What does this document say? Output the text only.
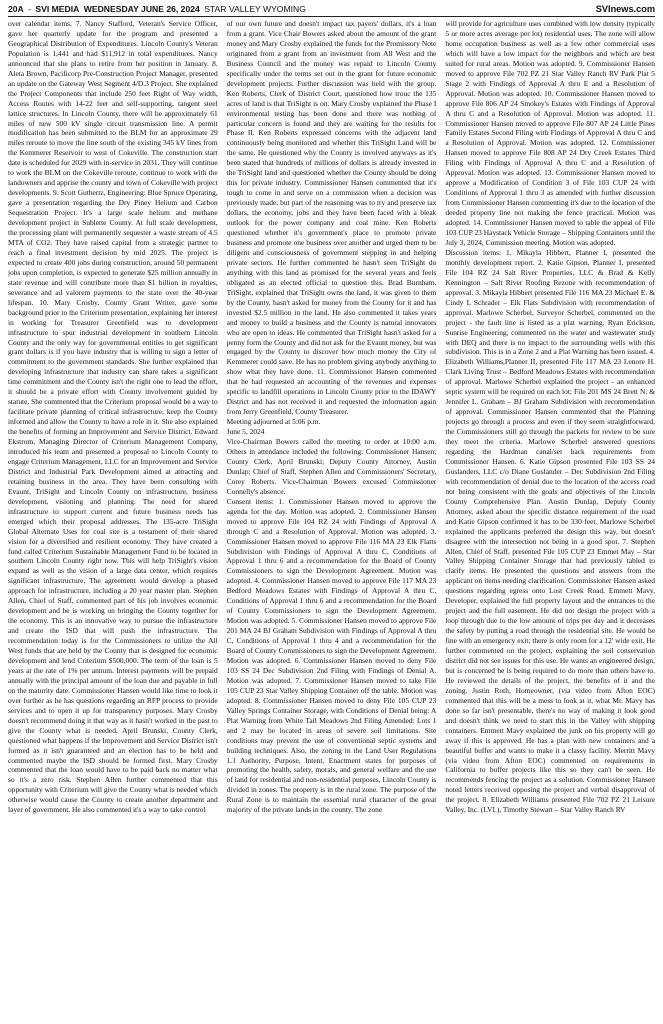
20A - SVI MEDIA WEDNESDAY JUNE 26, 2024 STAR VALLEY WYOMING	SVInews.com

over calendar items. 7. Nancy Stafford, Veteran's Service Officer, gave her quarterly update for the program and presented a Geographical Distribution of Expenditures. Lincoln County's Veteran Population is 1,441 and had $11,912 in total expenditures. Nancy announced that she plans to retire from her position in January. 8. Aleta Brown, Pacificorp Pre-Construction Project Manager, presented an update on the Gateway West Segment 4/D.3 Project. She explained the Project Components that include 250 feet Right of Way width, Access Routes with 14-22 feet and self-supporting, tangent steel lattice structures. In Lincoln County, there will be approximately 61 miles of new 500 kV single circuit transmission line. A permit modification has been submitted to the BLM for an approximate 29 miles reroute to move the line south of the existing 345 kV lines from the Kemmerer Reservoir to west of Cokeville. The construction start date is scheduled for 2029 with in-service in 2031. They will continue to work the BLM on the Cokeville reroute, continue to work with the landowners and apprise the county and town of Cokeville with project developments. 9. Scott Guthertz, Engineering: Blue Spruce Operating, gave a presentation regarding the Dry Piney Helium and Carbon Sequestration Project. It's a large scale helium and methane development project in Sublette County. At full scale development, the processing plant will permanently sequester a waste stream of 4.5 MTA of CO2. They have raised capital from a strategic partner to reach a final investment decision by mid 2025. The project is expected to create 400 jobs during construction, around 50 permanent jobs upon completion, is expected to generate $25 million annually in state revenue and will contribute more than $1 billion in royalties, severance and ad valorem payments to the state over the 40-year lifespan. 10. Mary Crosby, County Grant Writer, gave some background prior to the Criterium presentation, explaining her interest in working for Treasurer Greenfield was to development infrastructure to spur industrial development in southern Lincoln County and the only way for governmental entities to get significant grant dollars is if you have industry that is willing to sign a letter of commitment to the government standards. She further explained that developing infrastructure that industry can share takes a significant time commitment and the County isn't the right one to lead the effort, it should be a private effort with County involvement guided by statute. She commented that the Criterium proposal would be a way to facilitate private planning of critical infrastructure, keep the County informed and allow the County to have a role in it. She also explained the benefits of forming an Improvement and Service District. Edward Ekstrom, Managing Director of Criterium Management Company, introduced his team and presented a proposal to Lincoln County to engage Criterium Management, LLC for an Improvement and Service District and Industrial Park Development aimed at attracting and retaining business in the area. They have been consulting with Evaunt, TriSight and Lincoln County on infrastructure, business development, visioning and planning. The need for shared infrastructure to support current and future business needs has emerged which their proposal addresses. The 135-acre TriSight Global Alternate Uses for coal site is a testament of their shared vision for a diversified and resilient economy. They have created a fund called Criterium Sustainable Management Fund to be located in southern Lincoln County right now. This will help TriSight's vision expand as well as the vision of a large data center, which requires significant infrastructure. The agreement would develop a phased approach for infrastructure, including a 20 year master plan. Stephen Allen, Chief of Staff, commented part of his job involves economic development and he is working on bringing the County together for the economy. This is an innovative way to pursue the infrastructure and create the ISD that will push the infrastructure. The recommendation today is for the Commissioners to utilize the All West funds that are held by the County that is designed for economic development and lend Criterium $500,000. The term of the loan is 5 years at the rate of 1% per annum. Interest payments will be prepaid annually with the principal amount of the loan due and payable in full on the maturity date. Commissioner Hansen would like time to look it over further as he has questions regarding an RFP process to provide services and to open it up for transparency purposes. Mary Crosby doesn't recommend doing it that way as it hasn't worked in the past to give the County what is needed. April Brunski, County Clerk, questioned what happens if the Improvement and Service District isn't formed as it isn't guaranteed and an election has to be held and commented maybe the ISD should be formed first. Mary Crosby commented that the loan would have to be paid back no matter what so it's a zero risk. Stephen Allen further commented that this opportunity with Criterium will give the County what is needed which otherwise would cause the County to create another department and layer of government. He also commented it's a way to take control

of our own future and doesn't impact tax payers' dollars, it's a loan from a grant. Vice Chair Bowers asked about the amount of the grant money and Mary Crosby explained the funds for the Promissory Note originated from a grant from an investment from All West and the Business Council and the money was repaid to Lincoln County specifically under the terms set out in the grant for future economic development projects. Further discussion was held with the group. Ken Roberts, Clerk of District Court, questioned how trouc the 135 acres of land is that TriSight is on. Mary Crosby explained the Phase I environmental testing has been done and there was nothing of particular concern is found and they are waiting for the results for Phase II. Ken Roberts expressed concerns with the adjacent land continuously being monitored and whether this TriSight Land will be the same. He questioned why the County is involved anyways as it's been stated that hundreds of millions of dollars is already invested in the TriSight land and questioned whether the County should be doing this for private industry. Commissioner Hansen commented that it's tough to come in and serve on a commission when a decision was previously made, but part of the reasoning was to try and preserve tax dollars, the economy, jobs and they have been faced with a bleak outlook for the power company and coal mine. Ken Roberts questioned whether it's government's place to promote private business and promote one business over another and urged them to be diligent and consciousness of government stepping in and helping private sectors. He further commented he hasn't seen TriSight do anything with this land as promised for the several years and feels obligated as an elected official to question this. Brad Burnham, TriSight, explained that TriSight owns the land, it was given to them by the County, hasn't asked for money from the County for it and has invested $2.5 million in the land. He also commented it takes years and money to build a business and the County is natural innovators who are open to ideas. He commented that TriSight hasn't asked for a penny form the County and did not ask for the Evaunt money, but was engaged by the County to discover how much money the City of Kemmerer could save. He has no problem giving anybody anything to show what they have done. 11. Commissioner Hansen commented that he had requested an accounting of the revenues and expenses specific to landfill operations in Lincoln County prior to the IDAWY District and has not received it and requested the information again from Jerry Greenfield, County Treasurer.

Meeting adjourned at 5:06 p.m.

June 5, 2024

Vice-Chairman Bowers called the meeting to order at 10:00 a.m. Others in attendance included the following: Commissioner Hansen; County Clerk, April Brunski; Deputy County Attorney, Austin Dunlap; Chief of Staff, Stephen Allen and Commissioners' Secretary, Corey Roberts. Vice-Chairman Bowers excused Commissioner Connelly's absence.

Consent items: 1. Commissioner Hansen moved to approve the agenda for the day. Motion was adopted. 2. Commissioner Hansen moved to approve File 104 RZ 24 with Findings of Approval A through C and a Resolution of Approval. Motion was adopted. 3. Commissioner Hansen moved to approve File 116 MA 23 Elk Flatts Subdivision with Findings of Approval A thru C, Conditions of Approval 1 thru 6 and a recommendation for the Board of County Commissioners to sign the Development Agreement. Motion was adopted. 4. Commissioner Hansen moved to approve File 117 MA 23 Bedford Meadows Estates with Findings of Approval A thru C, Conditions of Approval 1 thru 6 and a recommendation for the Board of County Commissioners to sign the Development Agreement. Motion was adopted. 5. Commissioner Hansen moved to approve File 201 MA 24 BJ Graham Subdivision with Findings of Approval A thru C, Conditions of Approval 1 thru 4 and a recommendation for the Board of County Commissioners to sign the Development Agreement. Motion was adopted. 6. Commissioner Hansen moved to deny File 103 SS 24 Dec Subdivision 2nd Filing with Findings of Denial A. Motion was adopted. 7. Commissioner Hansen moved to take File 105 CUP 23 Star Valley Shipping Container off the table. Motion was adopted. 8. Commissioner Hansen moved to deny File 105 CUP 23 Valley Springs Container Storage, with Conditions of Denial being: A Plat Warning from White Tail Meadows 2nd Filing Amended: Lots 1 and 2 may be located in areas of severe soil limitations. Site conditions may prevent the use of conventional septic systems and building techniques. Also, the zoning in the Land User Regulations 1.1 Authority, Purpose, Intent, Enactment states for purposes of promoting the health, safety, morals, and general welfare and the use of land for residential and non-residential purposes, Lincoln County is divided in zones. The property is in the rural zone. The purpose of the Rural Zone is to maintain the essential rural character of the great majority of the private lands in the county. The zone

will provide for agriculture uses combined with low density (typically 5 or more acres average per lot) residential uses. The zone will allow home occupation business as well as a few other commercial uses which will have a low impact for the neighbors and which are best suited for rural areas. Motion was adopted. 9. Commissioner Hansen moved to approve File 702 PZ 21 Star Valley Ranch RV Park Plat 5 Stage 2 with Findings of Approval A thru E and a Resolution of Approval. Motion was adopted. 10. Commissioner Hansen moved to approve File 806 AP 24 Smokey's Estates with Findings of Approval A thru C and a Resolution of Approval. Motion was adopted. 11. Commissioner Hansen moved to approve File 807 AP 24 Little Pines Family Estates Second Filing with Findings of Approval A thru C and a Resolution of Approval. Motion was adopted. 12. Commissioner Hansen moved to approve File 808 AP 24 Dry Creek Estates Third Filing with Findings of Approval A thru C and a Resolution of Approval. Motion was adopted. 13. Commissioner Hansen moved to approve a Modification of Condition 3 of File 103 CUP 24 with Conditions of Approval 1 thru 3 as amended with further discussion from Commissioner Hansen commenting it's due to the location of the deeded property line not making the fence practical. Motion was adopted. 14. Commissioner Hansen moved to table the appeal of File 103 CUP 23 Haystack Vehicle Storage – Shipping Containers until the July 3, 2024, Commission meeting. Motion was adopted.

Discussion items: 1. Mikayla Hibbert, Planner I, presented the monthly development report. 2. Katie Gipson, Planner I, presented File 104 RZ 24 Salt River Properties, LLC & Brad & Kelly Kennington – Salt River Roofing Rezone with recommendation of approval. 3. Mikayla Hibbert presented File 116 MA 23 Michael E. & Cindy L Schrader – Elk Flats Subdivision with recommendation of approval. Marlowe Scherbel, Surveyor Scherbel, commented on the project - the fault line is listed as a plat warning. Ryan Erickson, Sunrise Engineering, commented on the water and wastewater study with DEQ and there is no impact to the surrounding wells with this subdivision. This is in a Zone 2 and a Plat Warning has been issued. 4. Elizabeth Williams,Planner II, presented File 117 MA 23 Lenore H. Clark Living Trust – Bedford Meadows Estates with recommendation of approval. Marlowe Scherbel explained the project - an enhanced septic system will be required on each lot; File 201 MS 24 Brett N. & Jennifer L. Graham – BJ Graham Subdivision with recommendation of approval. Commissioner Hansen commented that the Planning projects go through a process and even if they seem straightforward, the Commissioners still go through the packets for review to be sure they meet the criteria. Marlowe Scherbel answered questions regarding the Hardman canal/set back requirements from Commissioner Hansen. 6. Katie Gipson presented File 103 SS 24 Guslanders, LLC c/o Diane Guslander – Dec Subdivision 2nd Filing with recommendation of denial due to the location of the access road not being consistent with the goals and objectives of the Lincoln County Comprehensive Plan. Austin Dunlap, Deputy County Attorney, asked about the specific distance requirement of the road and Katie Gipson confirmed it has to be 330 feet. Marlowe Scherbel explained the applicants preferred the design this way, but doesn't disagree with the intersection not being in a good spot. 7. Stephen Allen, Chief of Staff, presented File 105 CUP 23 Emmet May – Star Valley Shipping Container Storage that had previously tabled to clarify items. He presented the questions and answers from the applicant on items needing clarification. Commissioner Hansen asked questions regarding egress onto Lost Creek Road. Emmett Mavy, Developer, explained the full property layout and the entrances to the project and the full easement. He did not design the project with a loop through due to the low amount of trips per day and it decreases the safety by putting a road through the residential site. He would be fine with an emergency exit; there is only room for a 12' wide exit. He further commented on the project, explaining the soil conservation district did not see issues for this use. He wants an engineered design, but is concerned he is being required to do more than others have to. He reviewed the details of the project, the benefits of it and the zoning. Justin Roth, Homeowner, (via video from Afton EOC) commented that this will be a mess to look at it, what Mr. Mavy has done so far isn't presentable, there's no way of making it look good and doesn't think we need to start this in the Valley with shipping containers. Emmett Mavy explained the junk on his property will go away if this is approved. He has a plan with new containers and a beautiful buffer and wants to make it a classy facility. Merritt Mavy (via video from Afton EOC) commented on requirements in California to buffer projects like this so they can't be seen. He recommends fencing the project as a solution. Commissioner Hansen noted letters received opposing the project and verbal disapproval of the project. 8. Elizabeth Williams presented File 702 PZ 21 Leisure Valley, Inc. (LVI.), Timothy Stewart – Star Valley Ranch RV
